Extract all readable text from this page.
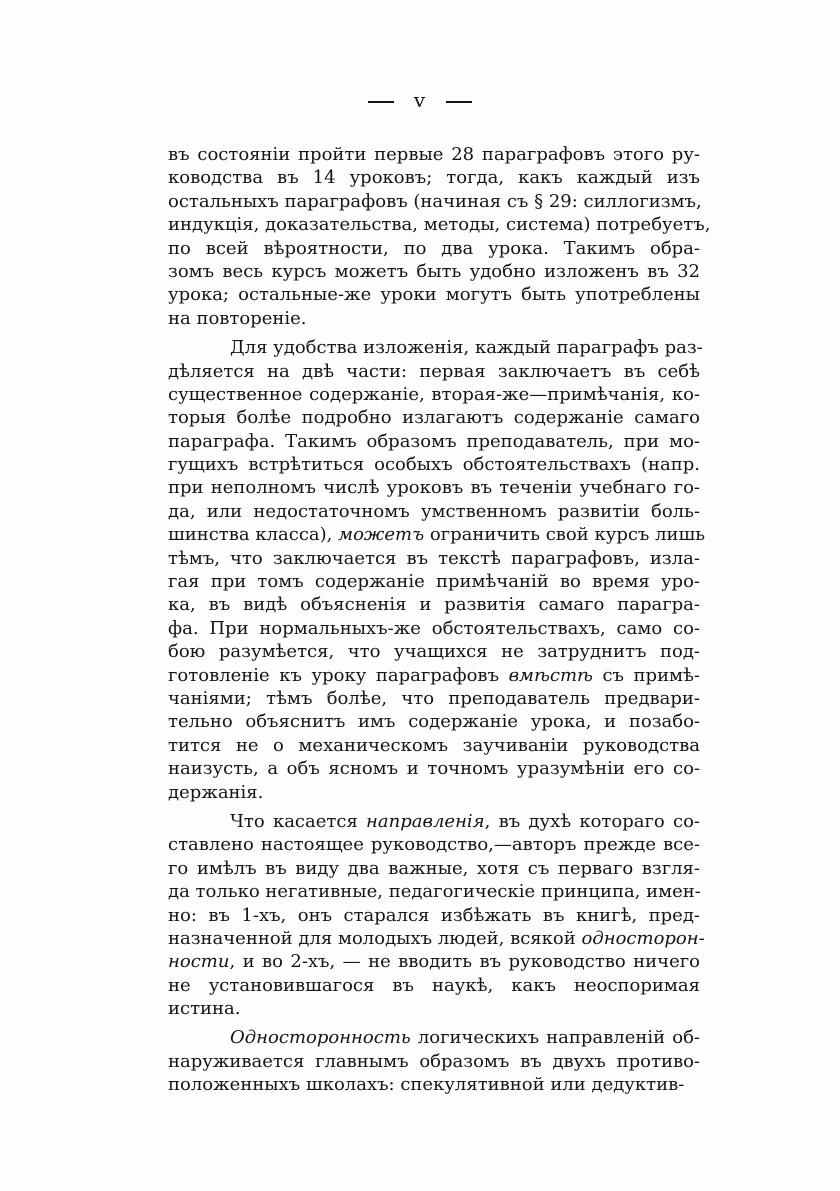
v
въ состоянiи пройти первые 28 параграфовъ этого ру-
ководства въ 14 уроковъ; тогда, какъ каждый изъ
остальныхъ параграфовъ (начиная съ § 29: силлогизмъ,
индукцiя, доказательства, методы, система) потребуетъ,
по всей вѣроятности, по два урока. Такимъ обра-
зомъ весь курсъ можетъ быть удобно изложенъ въ 32
урока; остальные-же уроки могутъ быть употреблены
на повторенiе.
Для удобства изложенiя, каждый параграфъ раз-
дѣляется на двѣ части: первая заключаетъ въ себѣ
существенное содержанiе, вторая-же—примѣчанiя, ко-
торыя болѣе подробно излагаютъ содержанiе самаго
параграфа. Такимъ образомъ преподаватель, при мо-
гущихъ встрѣтиться особыхъ обстоятельствахъ (напр.
при неполномъ числѣ уроковъ въ теченiи учебнаго го-
да, или недостаточномъ умственномъ развитiи боль-
шинства класса), можетъ ограничить свой курсъ лишь
тѣмъ, что заключается въ текстѣ параграфовъ, изла-
гая при томъ содержанiе примѣчанiй во время уро-
ка, въ видѣ объясненiя и развитiя самаго парагра-
фа. При нормальныхъ-же обстоятельствахъ, само со-
бою разумѣется, что учащихся не затруднитъ под-
готовленiе къ уроку параграфовъ вмѣстѣ съ примѣ-
чанiями; тѣмъ болѣе, что преподаватель предвари-
тельно объяснитъ имъ содержанiе урока, и позабо-
тится не о механическомъ заучиванiи руководства
наизусть, а объ ясномъ и точномъ уразумѣнiи его со-
держанiя.
Что касается направленiя, въ духѣ котораго со-
ставлено настоящее руководство,—авторъ прежде все-
го имѣлъ въ виду два важные, хотя съ перваго взгля-
да только негативные, педагогическiе принципа, имен-
но: въ 1-хъ, онъ старался избѣжать въ книгѣ, пред-
назначенной для молодыхъ людей, всякой односторон-
ности, и во 2-хъ, — не вводить въ руководство ничего
не установившагося въ наукѣ, какъ неоспоримая
истина.
Односторонность логическихъ направленiй об-
наруживается главнымъ образомъ въ двухъ противо-
положенныхъ школахъ: спекулятивной или дедуктив-
